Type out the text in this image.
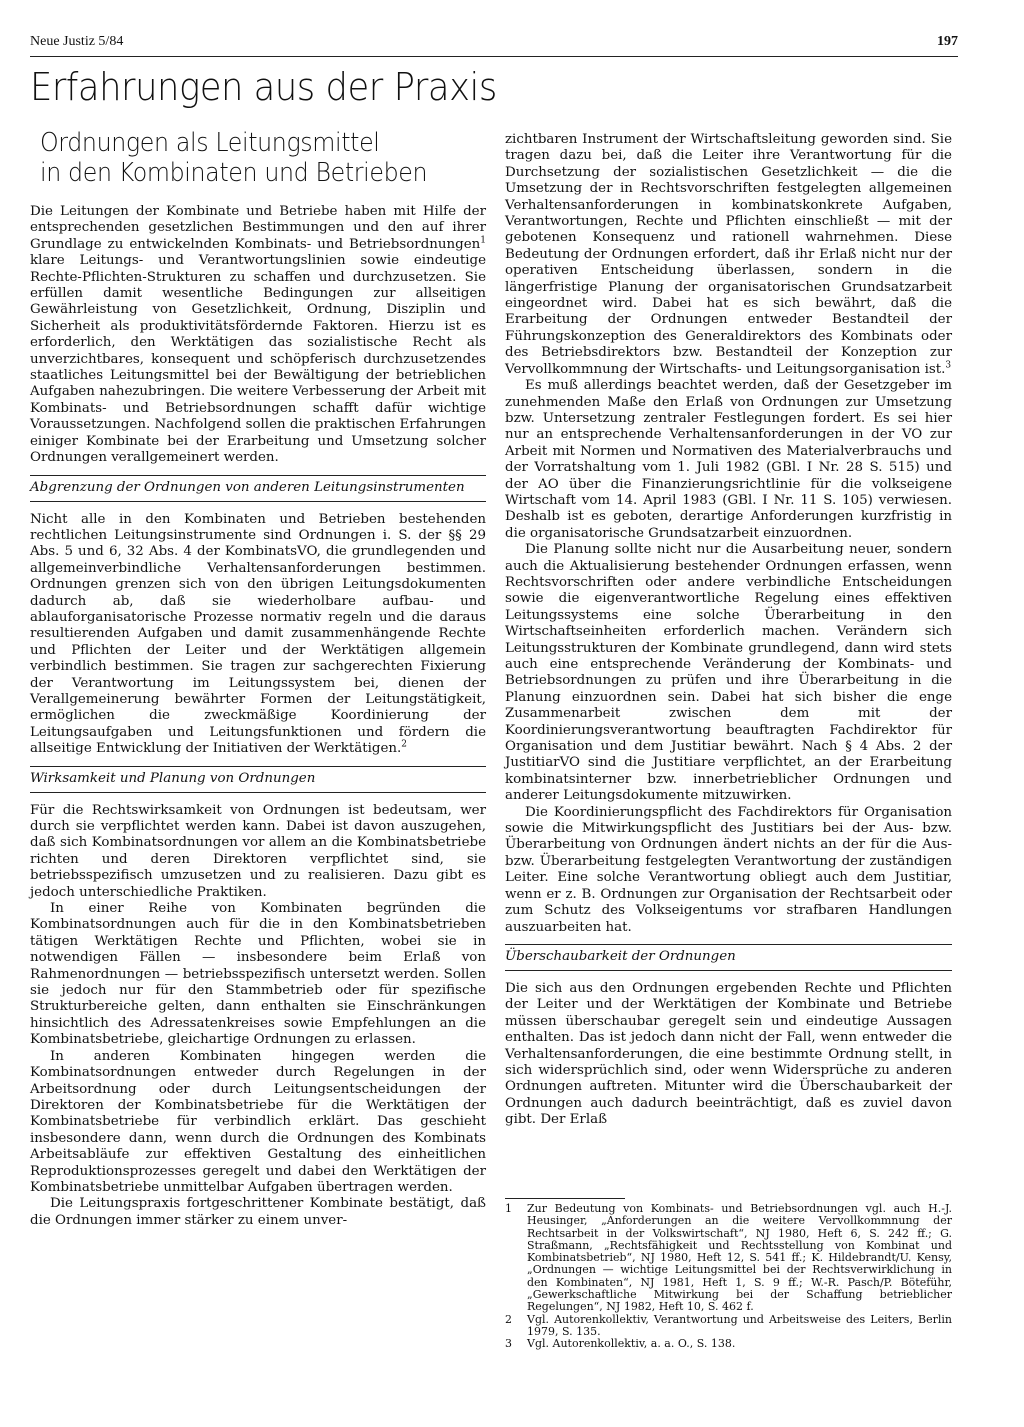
Neue Justiz 5/84	197
Erfahrungen aus der Praxis
Ordnungen als Leitungsmittel
in den Kombinaten und Betrieben

Die Leitungen der Kombinate und Betriebe haben mit Hilfe der entsprechenden gesetzlichen Bestimmungen und den auf ihrer Grundlage zu entwickelnden Kombinats- und Betriebsordnungen$^1$ klare Leitungs- und Verantwortungslinien sowie eindeutige Rechte-Pflichten-Strukturen zu schaffen und durchzusetzen. Sie erfüllen damit wesentliche Bedingungen zur allseitigen Gewährleistung von Gesetzlichkeit, Ordnung, Disziplin und Sicherheit als produktivitätsfördernde Faktoren. Hierzu ist es erforderlich, den Werktätigen das sozialistische Recht als unverzichtbares, konsequent und schöpferisch durchzusetzendes staatliches Leitungsmittel bei der Bewältigung der betrieblichen Aufgaben nahezubringen. Die weitere Verbesserung der Arbeit mit Kombinats- und Betriebsordnungen schafft dafür wichtige Voraussetzungen. Nachfolgend sollen die praktischen Erfahrungen einiger Kombinate bei der Erarbeitung und Umsetzung solcher Ordnungen verallgemeinert werden.

Abgrenzung der Ordnungen von anderen Leitungsinstrumenten

Nicht alle in den Kombinaten und Betrieben bestehenden rechtlichen Leitungsinstrumente sind Ordnungen i. S. der §§ 29 Abs. 5 und 6, 32 Abs. 4 der KombinatsVO, die grundlegenden und allgemeinverbindliche Verhaltensanforderungen bestimmen. Ordnungen grenzen sich von den übrigen Leitungsdokumenten dadurch ab, daß sie wiederholbare aufbau- und ablauforganisatorische Prozesse normativ regeln und die daraus resultierenden Aufgaben und damit zusammenhängende Rechte und Pflichten der Leiter und der Werktätigen allgemein verbindlich bestimmen. Sie tragen zur sachgerechten Fixierung der Verantwortung im Leitungssystem bei, dienen der Verallgemeinerung bewährter Formen der Leitungstätigkeit, ermöglichen die zweckmäßige Koordinierung der Leitungsaufgaben und Leitungsfunktionen und fördern die allseitige Entwicklung der Initiativen der Werktätigen.$^2$

Wirksamkeit und Planung von Ordnungen

Für die Rechtswirksamkeit von Ordnungen ist bedeutsam, wer durch sie verpflichtet werden kann. Dabei ist davon auszugehen, daß sich Kombinatsordnungen vor allem an die Kombinatsbetriebe richten und deren Direktoren verpflichtet sind, sie betriebsspezifisch umzusetzen und zu realisieren. Dazu gibt es jedoch unterschiedliche Praktiken.

In einer Reihe von Kombinaten begründen die Kombinatsordnungen auch für die in den Kombinatsbetrieben tätigen Werktätigen Rechte und Pflichten, wobei sie in notwendigen Fällen — insbesondere beim Erlaß von Rahmenordnungen — betriebsspezifisch untersetzt werden. Sollen sie jedoch nur für den Stammbetrieb oder für spezifische Strukturbereiche gelten, dann enthalten sie Einschränkungen hinsichtlich des Adressatenkreises sowie Empfehlungen an die Kombinatsbetriebe, gleichartige Ordnungen zu erlassen.

In anderen Kombinaten hingegen werden die Kombinatsordnungen entweder durch Regelungen in der Arbeitsordnung oder durch Leitungsentscheidungen der Direktoren der Kombinatsbetriebe für die Werktätigen der Kombinatsbetriebe für verbindlich erklärt. Das geschieht insbesondere dann, wenn durch die Ordnungen des Kombinats Arbeitsabläufe zur effektiven Gestaltung des einheitlichen Reproduktionsprozesses geregelt und dabei den Werktätigen der Kombinatsbetriebe unmittelbar Aufgaben übertragen werden.

Die Leitungspraxis fortgeschrittener Kombinate bestätigt, daß die Ordnungen immer stärker zu einem unver-

zichtbaren Instrument der Wirtschaftsleitung geworden sind. Sie tragen dazu bei, daß die Leiter ihre Verantwortung für die Durchsetzung der sozialistischen Gesetzlichkeit — die die Umsetzung der in Rechtsvorschriften festgelegten allgemeinen Verhaltensanforderungen in kombinatskonkrete Aufgaben, Verantwortungen, Rechte und Pflichten einschließt — mit der gebotenen Konsequenz und rationell wahrnehmen. Diese Bedeutung der Ordnungen erfordert, daß ihr Erlaß nicht nur der operativen Entscheidung überlassen, sondern in die längerfristige Planung der organisatorischen Grundsatzarbeit eingeordnet wird. Dabei hat es sich bewährt, daß die Erarbeitung der Ordnungen entweder Bestandteil der Führungskonzeption des Generaldirektors des Kombinats oder des Betriebsdirektors bzw. Bestandteil der Konzeption zur Vervollkommnung der Wirtschafts- und Leitungsorganisation ist.$^3$

Es muß allerdings beachtet werden, daß der Gesetzgeber im zunehmenden Maße den Erlaß von Ordnungen zur Umsetzung bzw. Untersetzung zentraler Festlegungen fordert. Es sei hier nur an entsprechende Verhaltensanforderungen in der VO zur Arbeit mit Normen und Normativen des Materialverbrauchs und der Vorratshaltung vom 1. Juli 1982 (GBl. I Nr. 28 S. 515) und der AO über die Finanzierungsrichtlinie für die volkseigene Wirtschaft vom 14. April 1983 (GBl. I Nr. 11 S. 105) verwiesen. Deshalb ist es geboten, derartige Anforderungen kurzfristig in die organisatorische Grundsatzarbeit einzuordnen.

Die Planung sollte nicht nur die Ausarbeitung neuer, sondern auch die Aktualisierung bestehender Ordnungen erfassen, wenn Rechtsvorschriften oder andere verbindliche Entscheidungen sowie die eigenverantwortliche Regelung eines effektiven Leitungssystems eine solche Überarbeitung in den Wirtschaftseinheiten erforderlich machen. Verändern sich Leitungsstrukturen der Kombinate grundlegend, dann wird stets auch eine entsprechende Veränderung der Kombinats- und Betriebsordnungen zu prüfen und ihre Überarbeitung in die Planung einzuordnen sein. Dabei hat sich bisher die enge Zusammenarbeit zwischen dem mit der Koordinierungsverantwortung beauftragten Fachdirektor für Organisation und dem Justitiar bewährt. Nach § 4 Abs. 2 der JustitiarVO sind die Justitiare verpflichtet, an der Erarbeitung kombinatsinterner bzw. innerbetrieblicher Ordnungen und anderer Leitungsdokumente mitzuwirken.

Die Koordinierungspflicht des Fachdirektors für Organisation sowie die Mitwirkungspflicht des Justitiars bei der Aus- bzw. Überarbeitung von Ordnungen ändert nichts an der für die Aus- bzw. Überarbeitung festgelegten Verantwortung der zuständigen Leiter. Eine solche Verantwortung obliegt auch dem Justitiar, wenn er z. B. Ordnungen zur Organisation der Rechtsarbeit oder zum Schutz des Volkseigentums vor strafbaren Handlungen auszuarbeiten hat.

Überschaubarkeit der Ordnungen

Die sich aus den Ordnungen ergebenden Rechte und Pflichten der Leiter und der Werktätigen der Kombinate und Betriebe müssen überschaubar geregelt sein und eindeutige Aussagen enthalten. Das ist jedoch dann nicht der Fall, wenn entweder die Verhaltensanforderungen, die eine bestimmte Ordnung stellt, in sich widersprüchlich sind, oder wenn Widersprüche zu anderen Ordnungen auftreten. Mitunter wird die Überschaubarkeit der Ordnungen auch dadurch beeinträchtigt, daß es zuviel davon gibt. Der Erlaß

1	Zur Bedeutung von Kombinats- und Betriebsordnungen vgl. auch H.-J. Heusinger, „Anforderungen an die weitere Vervollkommnung der Rechtsarbeit in der Volkswirtschaft“, NJ 1980, Heft 6, S. 242 ff.; G. Straßmann, „Rechtsfähigkeit und Rechtsstellung von Kombinat und Kombinatsbetrieb“, NJ 1980, Heft 12, S. 541 ff.; K. Hildebrandt/U. Kensy, „Ordnungen — wichtige Leitungsmittel bei der Rechtsverwirklichung in den Kombinaten“, NJ 1981, Heft 1, S. 9 ff.; W.-R. Pasch/P. Böteführ, „Gewerkschaftliche Mitwirkung bei der Schaffung betrieblicher Regelungen“, NJ 1982, Heft 10, S. 462 f.
2	Vgl. Autorenkollektiv, Verantwortung und Arbeitsweise des Leiters, Berlin 1979, S. 135.
3	Vgl. Autorenkollektiv, a. a. O., S. 138.
